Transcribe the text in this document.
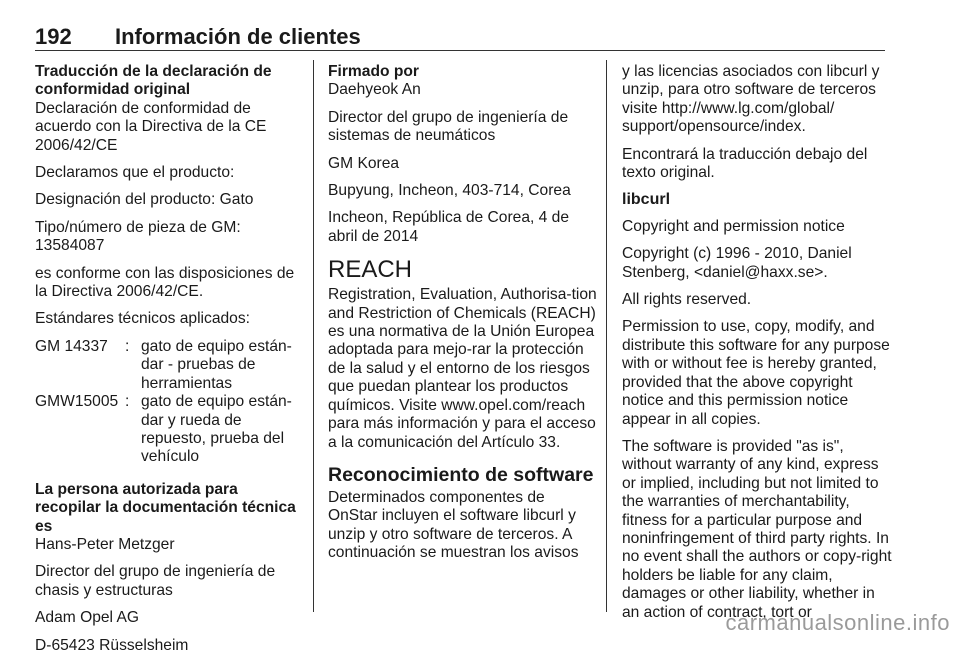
192 Información de clientes

Traducción de la declaración de conformidad original

Declaración de conformidad de acuerdo con la Directiva de la CE 2006/42/CE

Declaramos que el producto:

Designación del producto: Gato

Tipo/número de pieza de GM: 13584087

es conforme con las disposiciones de la Directiva 2006/42/CE.

Estándares técnicos aplicados:

GM 14337	:	gato de equipo están-dar - pruebas de herramientas
GMW15005	:	gato de equipo están-dar y rueda de repuesto, prueba del vehículo

La persona autorizada para recopilar la documentación técnica es

Hans-Peter Metzger

Director del grupo de ingeniería de chasis y estructuras

Adam Opel AG

D-65423 Rüsselsheim

Firmado por

Daehyeok An

Director del grupo de ingeniería de sistemas de neumáticos

GM Korea

Bupyung, Incheon, 403-714, Corea

Incheon, República de Corea, 4 de abril de 2014

REACH

Registration, Evaluation, Authorisa-tion and Restriction of Chemicals (REACH) es una normativa de la Unión Europea adoptada para mejo-rar la protección de la salud y el entorno de los riesgos que puedan plantear los productos químicos. Visite www.opel.com/reach para más información y para el acceso a la comunicación del Artículo 33.

Reconocimiento de software

Determinados componentes de OnStar incluyen el software libcurl y unzip y otro software de terceros. A continuación se muestran los avisos

y las licencias asociados con libcurl y unzip, para otro software de terceros visite http://www.lg.com/global/ support/opensource/index.

Encontrará la traducción debajo del texto original.

libcurl

Copyright and permission notice

Copyright (c) 1996 - 2010, Daniel Stenberg, <daniel@haxx.se>.

All rights reserved.

Permission to use, copy, modify, and distribute this software for any purpose with or without fee is hereby granted, provided that the above copyright notice and this permission notice appear in all copies.

The software is provided "as is", without warranty of any kind, express or implied, including but not limited to the warranties of merchantability, fitness for a particular purpose and noninfringement of third party rights. In no event shall the authors or copy-right holders be liable for any claim, damages or other liability, whether in an action of contract, tort or

carmanualsonline.info
